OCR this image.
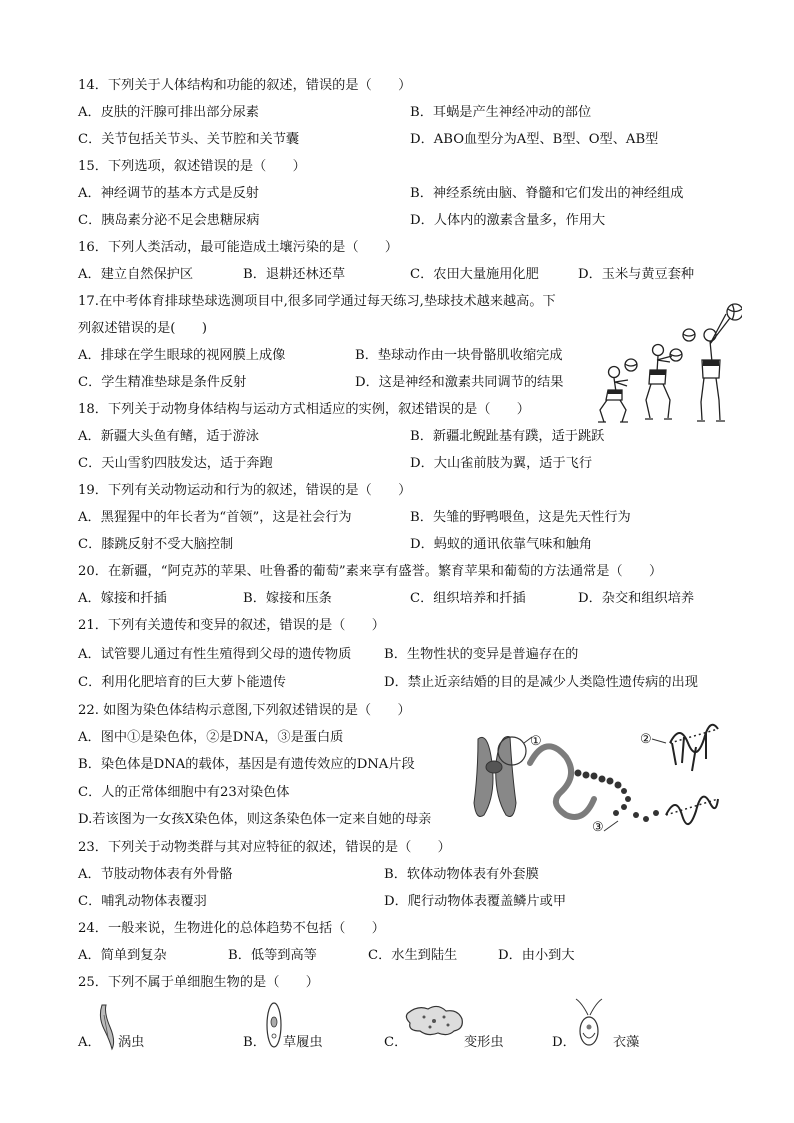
14．下列关于人体结构和功能的叙述，错误的是（　　）
A．皮肤的汗腺可排出部分尿素	B．耳蜗是产生神经冲动的部位
C．关节包括关节头、关节腔和关节囊	D．ABO血型分为A型、B型、O型、AB型
15．下列选项，叙述错误的是（　　）
A．神经调节的基本方式是反射	B．神经系统由脑、脊髓和它们发出的神经组成
C．胰岛素分泌不足会患糖尿病	D．人体内的激素含量多，作用大
16．下列人类活动，最可能造成土壤污染的是（　　）
A．建立自然保护区	B．退耕还林还草	C．农田大量施用化肥	D．玉米与黄豆套种
17.在中考体育排球垫球选测项目中,很多同学通过每天练习,垫球技术越来越高。下
列叙述错误的是(　　)
A．排球在学生眼球的视网膜上成像	B．垫球动作由一块骨骼肌收缩完成
C．学生精准垫球是条件反射	D．这是神经和激素共同调节的结果
18．下列关于动物身体结构与运动方式相适应的实例，叙述错误的是（　　）
A．新疆大头鱼有鳍，适于游泳	B．新疆北鲵趾基有蹼，适于跳跃
C．天山雪豹四肢发达，适于奔跑	D．大山雀前肢为翼，适于飞行
19．下列有关动物运动和行为的叙述，错误的是（　　）
A．黑猩猩中的年长者为“首领”，这是社会行为	B．失雏的野鸭喂鱼，这是先天性行为
C．膝跳反射不受大脑控制	D．蚂蚁的通讯依靠气味和触角
20．在新疆，“阿克苏的苹果、吐鲁番的葡萄”素来享有盛誉。繁育苹果和葡萄的方法通常是（　　）
A．嫁接和扦插	B．嫁接和压条	C．组织培养和扦插	D．杂交和组织培养
21．下列有关遗传和变异的叙述，错误的是（　　）
A．试管婴儿通过有性生殖得到父母的遗传物质 B．生物性状的变异是普遍存在的
C．利用化肥培育的巨大萝卜能遗传	D．禁止近亲结婚的目的是减少人类隐性遗传病的出现
22. 如图为染色体结构示意图,下列叙述错误的是（　　）
A．图中①是染色体，②是DNA，③是蛋白质
B．染色体是DNA的载体，基因是有遗传效应的DNA片段
C．人的正常体细胞中有23对染色体
D.若该图为一女孩X染色体，则这条染色体一定来自她的母亲
①	②
③
23．下列关于动物类群与其对应特征的叙述，错误的是（　　）
A．节肢动物体表有外骨骼	B．软体动物体表有外套膜
C．哺乳动物体表覆羽	D．爬行动物体表覆盖鳞片或甲
24．一般来说，生物进化的总体趋势不包括（　　）
A．简单到复杂	B．低等到高等	C．水生到陆生	D．由小到大
25．下列不属于单细胞生物的是（　　）
A． 涡虫	B． 草履虫	C．	变形虫	D．	衣藻
